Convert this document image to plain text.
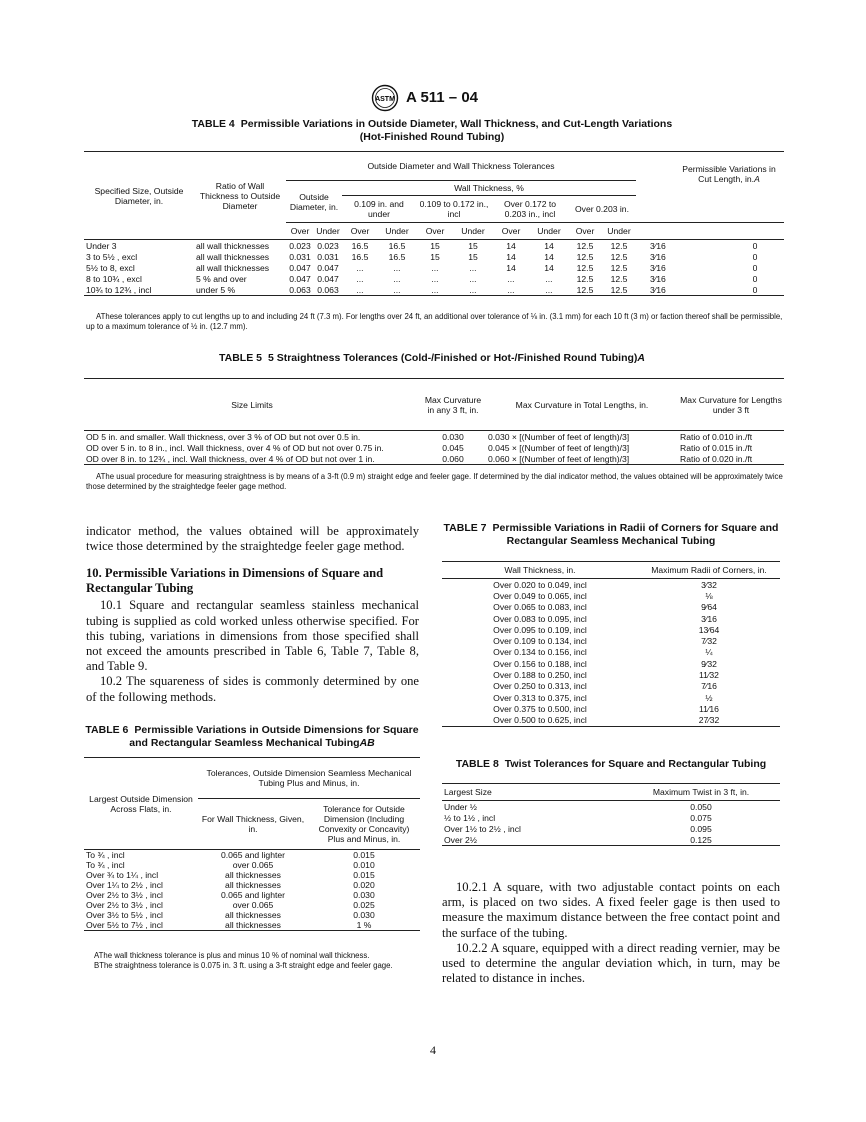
ASTM A 511 – 04
TABLE 4 Permissible Variations in Outside Diameter, Wall Thickness, and Cut-Length Variations
(Hot-Finished Round Tubing)
Specified Size, Outside Diameter, in.	Ratio of Wall Thickness to Outside Diameter	Outside Diameter and Wall Thickness Tolerances										Permissible Variations in Cut Length, in.A	
		Outside Diameter, in.		Wall Thickness, %									
				0.109 in. and under		0.109 to 0.172 in., incl		Over 0.172 to 0.203 in., incl		Over 0.203 in.			
		Over	Under	Over	Under	Over	Under	Over	Under	Over	Under		
Under 3	all wall thicknesses	0.023	0.023	16.5	16.5	15	15	14	14	12.5	12.5	3⁄16	0
3 to 5½ , excl	all wall thicknesses	0.031	0.031	16.5	16.5	15	15	14	14	12.5	12.5	3⁄16	0
5½ to 8, excl	all wall thicknesses	0.047	0.047	...	...	...	...	14	14	12.5	12.5	3⁄16	0
8 to 10¾ , excl	5 % and over	0.047	0.047	...	...	...	...	...	...	12.5	12.5	3⁄16	0
10¾ to 12¾ , incl	under 5 %	0.063	0.063	...	...	...	...	...	...	12.5	12.5	3⁄16	0
AThese tolerances apply to cut lengths up to and including 24 ft (7.3 m). For lengths over 24 ft, an additional over tolerance of ⅛ in. (3.1 mm) for each 10 ft (3 m) or faction thereof shall be permissible, up to a maximum tolerance of ½ in. (12.7 mm).
TABLE 5 5 Straightness Tolerances (Cold-/Finished or Hot-/Finished Round Tubing)A
Size Limits	Max Curvature in any 3 ft, in.	Max Curvature in Total Lengths, in.	Max Curvature for Lengths under 3 ft
OD 5 in. and smaller. Wall thickness, over 3 % of OD but not over 0.5 in.	0.030	0.030 × [(Number of feet of length)/3]	Ratio of 0.010 in./ft
OD over 5 in. to 8 in., incl. Wall thickness, over 4 % of OD but not over 0.75 in.	0.045	0.045 × [(Number of feet of length)/3]	Ratio of 0.015 in./ft
OD over 8 in. to 12¾ , incl. Wall thickness, over 4 % of OD but not over 1 in.	0.060	0.060 × [(Number of feet of length)/3]	Ratio of 0.020 in./ft
AThe usual procedure for measuring straightness is by means of a 3-ft (0.9 m) straight edge and feeler gage. If determined by the dial indicator method, the values obtained will be approximately twice those determined by the straightedge feeler gage method.

indicator method, the values obtained will be approximately twice those determined by the straightedge feeler gage method.

10. Permissible Variations in Dimensions of Square and Rectangular Tubing

10.1 Square and rectangular seamless stainless mechanical tubing is supplied as cold worked unless otherwise specified. For this tubing, variations in dimensions from those specified shall not exceed the amounts prescribed in Table 6, Table 7, Table 8, and Table 9.

10.2 The squareness of sides is commonly determined by one of the following methods.

TABLE 6 Permissible Variations in Outside Dimensions for Square and Rectangular Seamless Mechanical TubingAB
Largest Outside Dimension Across Flats, in.	Tolerances, Outside Dimension Seamless Mechanical Tubing Plus and Minus, in.	
	For Wall Thickness, Given, in.	Tolerance for Outside Dimension (Including Convexity or Concavity) Plus and Minus, in.
To ¾ , incl	0.065 and lighter	0.015
To ¾ , incl	over 0.065	0.010
Over ¾ to 1¼ , incl	all thicknesses	0.015
Over 1¼ to 2½ , incl	all thicknesses	0.020
Over 2½ to 3½ , incl	0.065 and lighter	0.030
Over 2½ to 3½ , incl	over 0.065	0.025
Over 3½ to 5½ , incl	all thicknesses	0.030
Over 5½ to 7½ , incl	all thicknesses	1 %
AThe wall thickness tolerance is plus and minus 10 % of nominal wall thickness.
BThe straightness tolerance is 0.075 in. 3 ft. using a 3-ft straight edge and feeler gage.
TABLE 7 Permissible Variations in Radii of Corners for Square and Rectangular Seamless Mechanical Tubing
Wall Thickness, in.	Maximum Radii of Corners, in.
Over 0.020 to 0.049, incl	3⁄32
Over 0.049 to 0.065, incl	⅛
Over 0.065 to 0.083, incl	9⁄64
Over 0.083 to 0.095, incl	3⁄16
Over 0.095 to 0.109, incl	13⁄64
Over 0.109 to 0.134, incl	7⁄32
Over 0.134 to 0.156, incl	¼
Over 0.156 to 0.188, incl	9⁄32
Over 0.188 to 0.250, incl	11⁄32
Over 0.250 to 0.313, incl	7⁄16
Over 0.313 to 0.375, incl	½
Over 0.375 to 0.500, incl	11⁄16
Over 0.500 to 0.625, incl	27⁄32
TABLE 8 Twist Tolerances for Square and Rectangular Tubing
Largest Size	Maximum Twist in 3 ft, in.
Under ½	0.050
½ to 1½ , incl	0.075
Over 1½ to 2½ , incl	0.095
Over 2½	0.125

10.2.1 A square, with two adjustable contact points on each arm, is placed on two sides. A fixed feeler gage is then used to measure the maximum distance between the free contact point and the surface of the tubing.

10.2.2 A square, equipped with a direct reading vernier, may be used to determine the angular deviation which, in turn, may be related to distance in inches.

4
